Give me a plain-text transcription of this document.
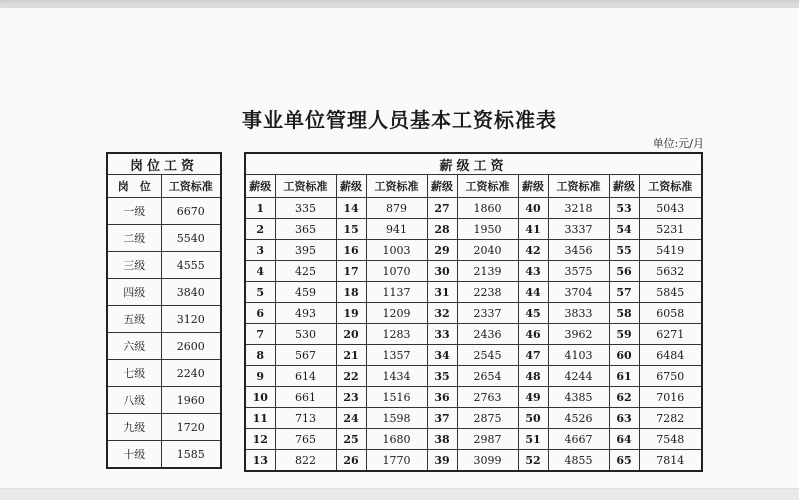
事业单位管理人员基本工资标准表
单位:元/月
岗位工资	
岗　位	工资标准
一级	6670
二级	5540
三级	4555
四级	3840
五级	3120
六级	2600
七级	2240
八级	1960
九级	1720
十级	1585
薪级工资									
薪级	工资标准	薪级	工资标准	薪级	工资标准	薪级	工资标准	薪级	工资标准
1	335	14	879	27	1860	40	3218	53	5043
2	365	15	941	28	1950	41	3337	54	5231
3	395	16	1003	29	2040	42	3456	55	5419
4	425	17	1070	30	2139	43	3575	56	5632
5	459	18	1137	31	2238	44	3704	57	5845
6	493	19	1209	32	2337	45	3833	58	6058
7	530	20	1283	33	2436	46	3962	59	6271
8	567	21	1357	34	2545	47	4103	60	6484
9	614	22	1434	35	2654	48	4244	61	6750
10	661	23	1516	36	2763	49	4385	62	7016
11	713	24	1598	37	2875	50	4526	63	7282
12	765	25	1680	38	2987	51	4667	64	7548
13	822	26	1770	39	3099	52	4855	65	7814
